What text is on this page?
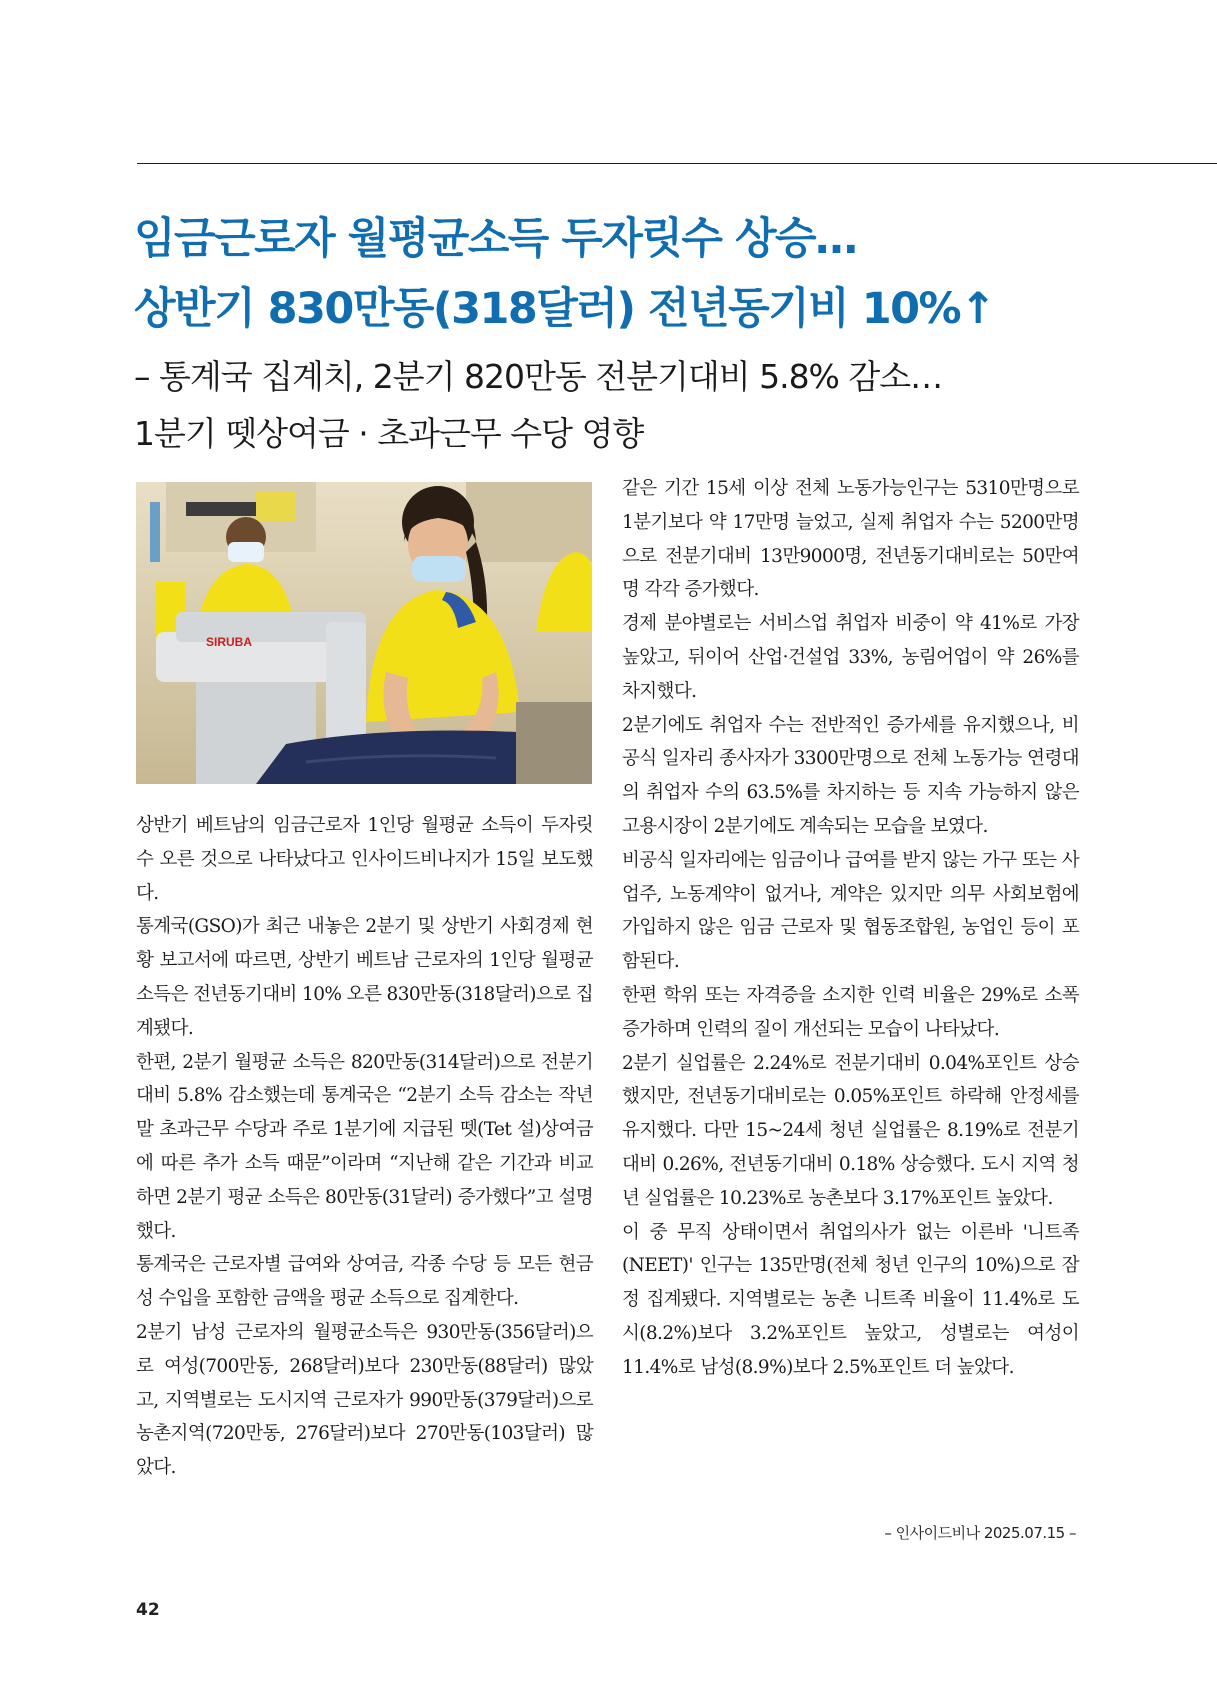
임금근로자 월평균소득 두자릿수 상승…
상반기 830만동(318달러) 전년동기비 10%↑
– 통계국 집계치, 2분기 820만동 전분기대비 5.8% 감소…
1분기 뗏상여금 · 초과근무 수당 영향
SIRUBA

상반기 베트남의 임금근로자 1인당 월평균 소득이 두자릿수 오른 것으로 나타났다고 인사이드비나지가 15일 보도했다.

통계국(GSO)가 최근 내놓은 2분기 및 상반기 사회경제 현황 보고서에 따르면, 상반기 베트남 근로자의 1인당 월평균 소득은 전년동기대비 10% 오른 830만동(318달러)으로 집계됐다.

한편, 2분기 월평균 소득은 820만동(314달러)으로 전분기대비 5.8% 감소했는데 통계국은 “2분기 소득 감소는 작년말 초과근무 수당과 주로 1분기에 지급된 뗏(Tet 설)상여금에 따른 추가 소득 때문”이라며 “지난해 같은 기간과 비교하면 2분기 평균 소득은 80만동(31달러) 증가했다”고 설명했다.

통계국은 근로자별 급여와 상여금, 각종 수당 등 모든 현금성 수입을 포함한 금액을 평균 소득으로 집계한다.

2분기 남성 근로자의 월평균소득은 930만동(356달러)으로 여성(700만동, 268달러)보다 230만동(88달러) 많았고, 지역별로는 도시지역 근로자가 990만동(379달러)으로 농촌지역(720만동, 276달러)보다 270만동(103달러) 많았다.

같은 기간 15세 이상 전체 노동가능인구는 5310만명으로 1분기보다 약 17만명 늘었고, 실제 취업자 수는 5200만명으로 전분기대비 13만9000명, 전년동기대비로는 50만여명 각각 증가했다.

경제 분야별로는 서비스업 취업자 비중이 약 41%로 가장 높았고, 뒤이어 산업·건설업 33%, 농림어업이 약 26%를 차지했다.

2분기에도 취업자 수는 전반적인 증가세를 유지했으나, 비공식 일자리 종사자가 3300만명으로 전체 노동가능 연령대의 취업자 수의 63.5%를 차지하는 등 지속 가능하지 않은 고용시장이 2분기에도 계속되는 모습을 보였다.

비공식 일자리에는 임금이나 급여를 받지 않는 가구 또는 사업주, 노동계약이 없거나, 계약은 있지만 의무 사회보험에 가입하지 않은 임금 근로자 및 협동조합원, 농업인 등이 포함된다.

한편 학위 또는 자격증을 소지한 인력 비율은 29%로 소폭 증가하며 인력의 질이 개선되는 모습이 나타났다.

2분기 실업률은 2.24%로 전분기대비 0.04%포인트 상승했지만, 전년동기대비로는 0.05%포인트 하락해 안정세를 유지했다. 다만 15~24세 청년 실업률은 8.19%로 전분기대비 0.26%, 전년동기대비 0.18% 상승했다. 도시 지역 청년 실업률은 10.23%로 농촌보다 3.17%포인트 높았다.

이 중 무직 상태이면서 취업의사가 없는 이른바 '니트족(NEET)' 인구는 135만명(전체 청년 인구의 10%)으로 잠정 집계됐다. 지역별로는 농촌 니트족 비율이 11.4%로 도시(8.2%)보다 3.2%포인트 높았고, 성별로는 여성이 11.4%로 남성(8.9%)보다 2.5%포인트 더 높았다.

– 인사이드비나 2025.07.15 –
42
